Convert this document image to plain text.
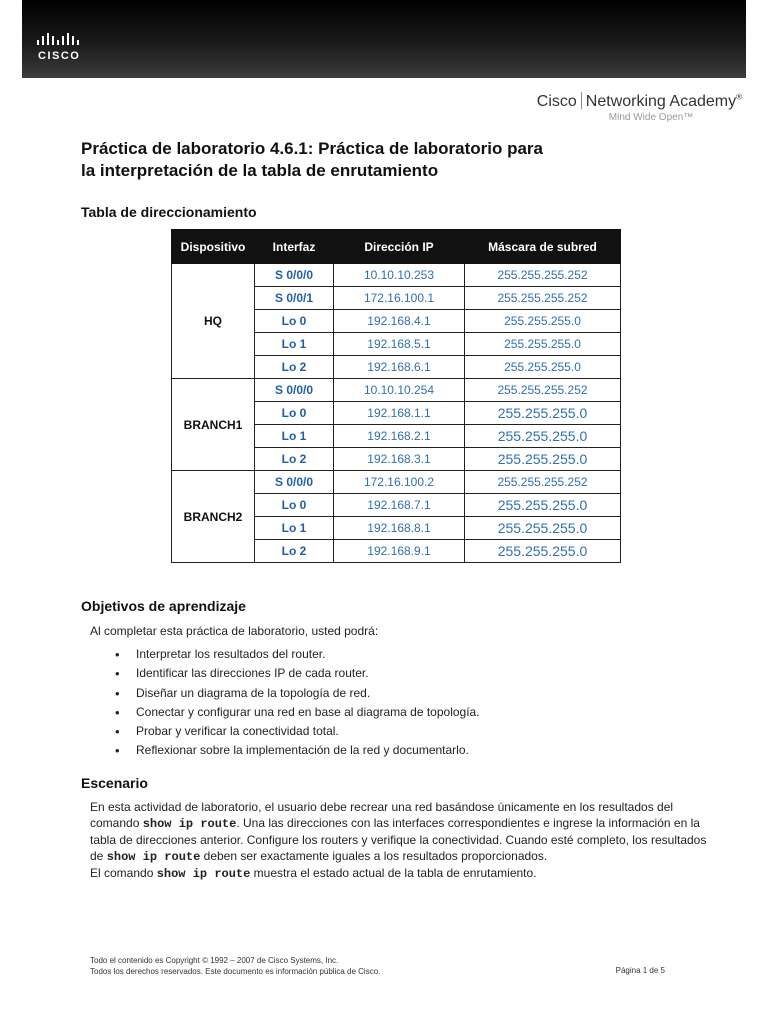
CISCO
Cisco Networking Academy®
Mind Wide Open™
Práctica de laboratorio 4.6.1: Práctica de laboratorio para
la interpretación de la tabla de enrutamiento
Tabla de direccionamiento
Dispositivo	Interfaz	Dirección IP	Máscara de subred
HQ	S 0/0/0	10.10.10.253	255.255.255.252
	S 0/0/1	172.16.100.1	255.255.255.252
	Lo 0	192.168.4.1	255.255.255.0
	Lo 1	192.168.5.1	255.255.255.0
	Lo 2	192.168.6.1	255.255.255.0
BRANCH1	S 0/0/0	10.10.10.254	255.255.255.252
	Lo 0	192.168.1.1	255.255.255.0
	Lo 1	192.168.2.1	255.255.255.0
	Lo 2	192.168.3.1	255.255.255.0
BRANCH2	S 0/0/0	172.16.100.2	255.255.255.252
	Lo 0	192.168.7.1	255.255.255.0
	Lo 1	192.168.8.1	255.255.255.0
	Lo 2	192.168.9.1	255.255.255.0
Objetivos de aprendizaje

Al completar esta práctica de laboratorio, usted podrá:

• Interpretar los resultados del router.
• Identificar las direcciones IP de cada router.
• Diseñar un diagrama de la topología de red.
• Conectar y configurar una red en base al diagrama de topología.
• Probar y verificar la conectividad total.
• Reflexionar sobre la implementación de la red y documentarlo.
Escenario

En esta actividad de laboratorio, el usuario debe recrear una red basándose únicamente en los resultados del comando show ip route. Una las direcciones con las interfaces correspondientes e ingrese la información en la tabla de direcciones anterior. Configure los routers y verifique la conectividad. Cuando esté completo, los resultados de show ip route deben ser exactamente iguales a los resultados proporcionados.
El comando show ip route muestra el estado actual de la tabla de enrutamiento.

Todo el contenido es Copyright © 1992 – 2007 de Cisco Systems, Inc.
Todos los derechos reservados. Este documento es información pública de Cisco.	Página 1 de 5
